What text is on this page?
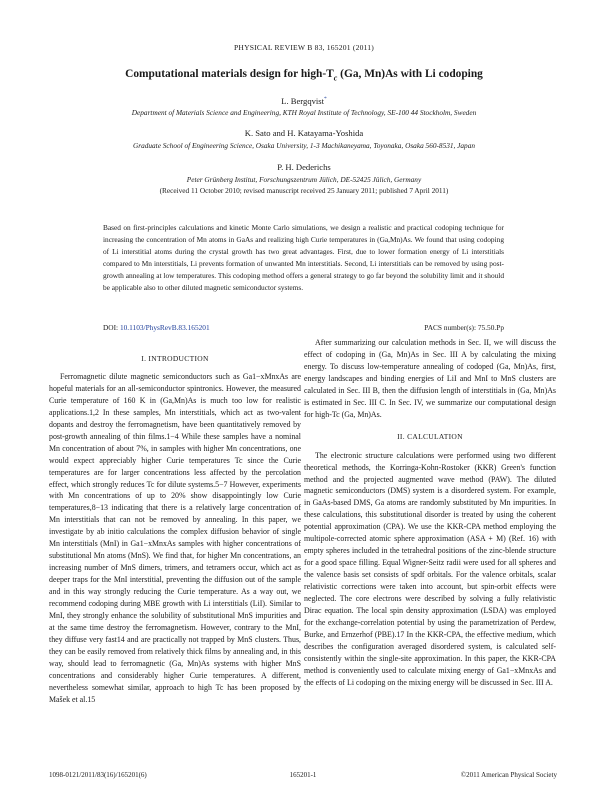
PHYSICAL REVIEW B 83, 165201 (2011)
Computational materials design for high-$T_c$ (Ga, Mn)As with Li codoping
L. Bergqvist*
Department of Materials Science and Engineering, KTH Royal Institute of Technology, SE-100 44 Stockholm, Sweden
K. Sato and H. Katayama-Yoshida
Graduate School of Engineering Science, Osaka University, 1-3 Machikaneyama, Toyonaka, Osaka 560-8531, Japan
P. H. Dederichs
Peter Grünberg Institut, Forschungszentrum Jülich, DE-52425 Jülich, Germany
(Received 11 October 2010; revised manuscript received 25 January 2011; published 7 April 2011)
Based on first-principles calculations and kinetic Monte Carlo simulations, we design a realistic and practical codoping technique for increasing the concentration of Mn atoms in GaAs and realizing high Curie temperatures in (Ga,Mn)As. We found that using codoping of Li interstitial atoms during the crystal growth has two great advantages. First, due to lower formation energy of Li interstitials compared to Mn interstitials, Li prevents formation of unwanted Mn interstitials. Second, Li interstitials can be removed by using post-growth annealing at low temperatures. This codoping method offers a general strategy to go far beyond the solubility limit and it should be applicable also to other diluted magnetic semiconductor systems.
DOI: 10.1103/PhysRevB.83.165201	PACS number(s): 75.50.Pp
I. INTRODUCTION

Ferromagnetic dilute magnetic semiconductors such as Ga1−xMnxAs are hopeful materials for an all-semiconductor spintronics. However, the measured Curie temperature of 160 K in (Ga,Mn)As is much too low for realistic applications.1,2 In these samples, Mn interstitials, which act as two-valent dopants and destroy the ferromagnetism, have been quantitatively removed by post-growth annealing of thin films.1−4 While these samples have a nominal Mn concentration of about 7%, in samples with higher Mn concentrations, one would expect appreciably higher Curie temperatures Tc since the Curie temperatures are for larger concentrations less affected by the percolation effect, which strongly reduces Tc for dilute systems.5−7 However, experiments with Mn concentrations of up to 20% show disappointingly low Curie temperatures,8−13 indicating that there is a relatively large concentration of Mn interstitials that can not be removed by annealing. In this paper, we investigate by ab initio calculations the complex diffusion behavior of single Mn interstitials (MnI) in Ga1−xMnxAs samples with higher concentrations of substitutional Mn atoms (MnS). We find that, for higher Mn concentrations, an increasing number of MnS dimers, trimers, and tetramers occur, which act as deeper traps for the MnI interstitial, preventing the diffusion out of the sample and in this way strongly reducing the Curie temperature. As a way out, we recommend codoping during MBE growth with Li interstitials (LiI). Similar to MnI, they strongly enhance the solubility of substitutional MnS impurities and at the same time destroy the ferromagnetism. However, contrary to the MnI, they diffuse very fast14 and are practically not trapped by MnS clusters. Thus, they can be easily removed from relatively thick films by annealing and, in this way, should lead to ferromagnetic (Ga, Mn)As systems with higher MnS concentrations and considerably higher Curie temperatures. A different, nevertheless somewhat similar, approach to high Tc has been proposed by Mašek et al.15

After summarizing our calculation methods in Sec. II, we will discuss the effect of codoping in (Ga, Mn)As in Sec. III A by calculating the mixing energy. To discuss low-temperature annealing of codoped (Ga, Mn)As, first, energy landscapes and binding energies of LiI and MnI to MnS clusters are calculated in Sec. III B, then the diffusion length of interstitials in (Ga, Mn)As is estimated in Sec. III C. In Sec. IV, we summarize our computational design for high-Tc (Ga, Mn)As.

II. CALCULATION

The electronic structure calculations were performed using two different theoretical methods, the Korringa-Kohn-Rostoker (KKR) Green's function method and the projected augmented wave method (PAW). The diluted magnetic semiconductors (DMS) system is a disordered system. For example, in GaAs-based DMS, Ga atoms are randomly substituted by Mn impurities. In these calculations, this substitutional disorder is treated by using the coherent potential approximation (CPA). We use the KKR-CPA method employing the multipole-corrected atomic sphere approximation (ASA + M) (Ref. 16) with empty spheres included in the tetrahedral positions of the zinc-blende structure for a good space filling. Equal Wigner-Seitz radii were used for all spheres and the valence basis set consists of spdf orbitals. For the valence orbitals, scalar relativistic corrections were taken into account, but spin-orbit effects were neglected. The core electrons were described by solving a fully relativistic Dirac equation. The local spin density approximation (LSDA) was employed for the exchange-correlation potential by using the parametrization of Perdew, Burke, and Ernzerhof (PBE).17 In the KKR-CPA, the effective medium, which describes the configuration averaged disordered system, is calculated self-consistently within the single-site approximation. In this paper, the KKR-CPA method is conveniently used to calculate mixing energy of Ga1−xMnxAs and the effects of Li codoping on the mixing energy will be discussed in Sec. III A.

1098-0121/2011/83(16)/165201(6)	165201-1	©2011 American Physical Society
